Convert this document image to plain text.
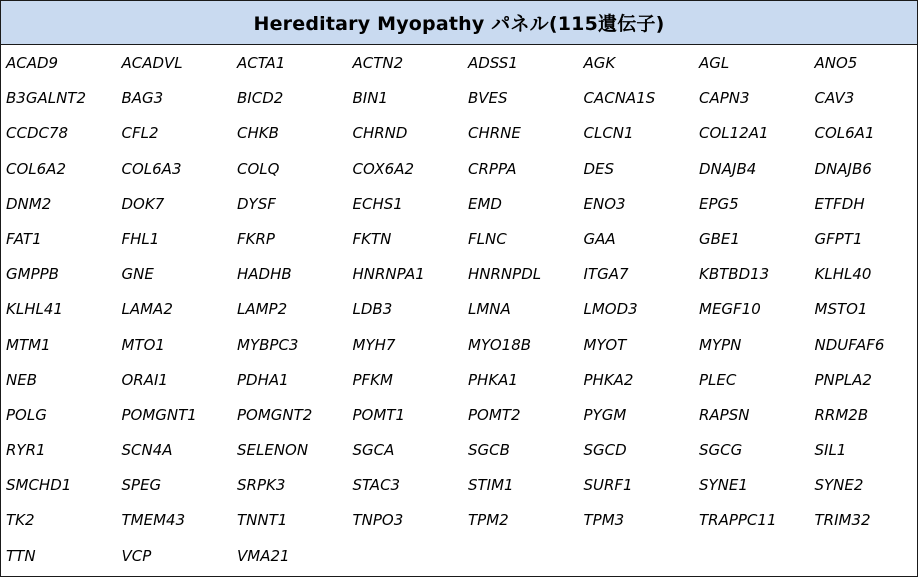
Hereditary Myopathy パネル(115遺伝子)
ACAD9	ACADVL	ACTA1	ACTN2	ADSS1	AGK	AGL	ANO5
B3GALNT2	BAG3	BICD2	BIN1	BVES	CACNA1S	CAPN3	CAV3
CCDC78	CFL2	CHKB	CHRND	CHRNE	CLCN1	COL12A1	COL6A1
COL6A2	COL6A3	COLQ	COX6A2	CRPPA	DES	DNAJB4	DNAJB6
DNM2	DOK7	DYSF	ECHS1	EMD	ENO3	EPG5	ETFDH
FAT1	FHL1	FKRP	FKTN	FLNC	GAA	GBE1	GFPT1
GMPPB	GNE	HADHB	HNRNPA1	HNRNPDL	ITGA7	KBTBD13	KLHL40
KLHL41	LAMA2	LAMP2	LDB3	LMNA	LMOD3	MEGF10	MSTO1
MTM1	MTO1	MYBPC3	MYH7	MYO18B	MYOT	MYPN	NDUFAF6
NEB	ORAI1	PDHA1	PFKM	PHKA1	PHKA2	PLEC	PNPLA2
POLG	POMGNT1	POMGNT2	POMT1	POMT2	PYGM	RAPSN	RRM2B
RYR1	SCN4A	SELENON	SGCA	SGCB	SGCD	SGCG	SIL1
SMCHD1	SPEG	SRPK3	STAC3	STIM1	SURF1	SYNE1	SYNE2
TK2	TMEM43	TNNT1	TNPO3	TPM2	TPM3	TRAPPC11	TRIM32
TTN	VCP	VMA21
